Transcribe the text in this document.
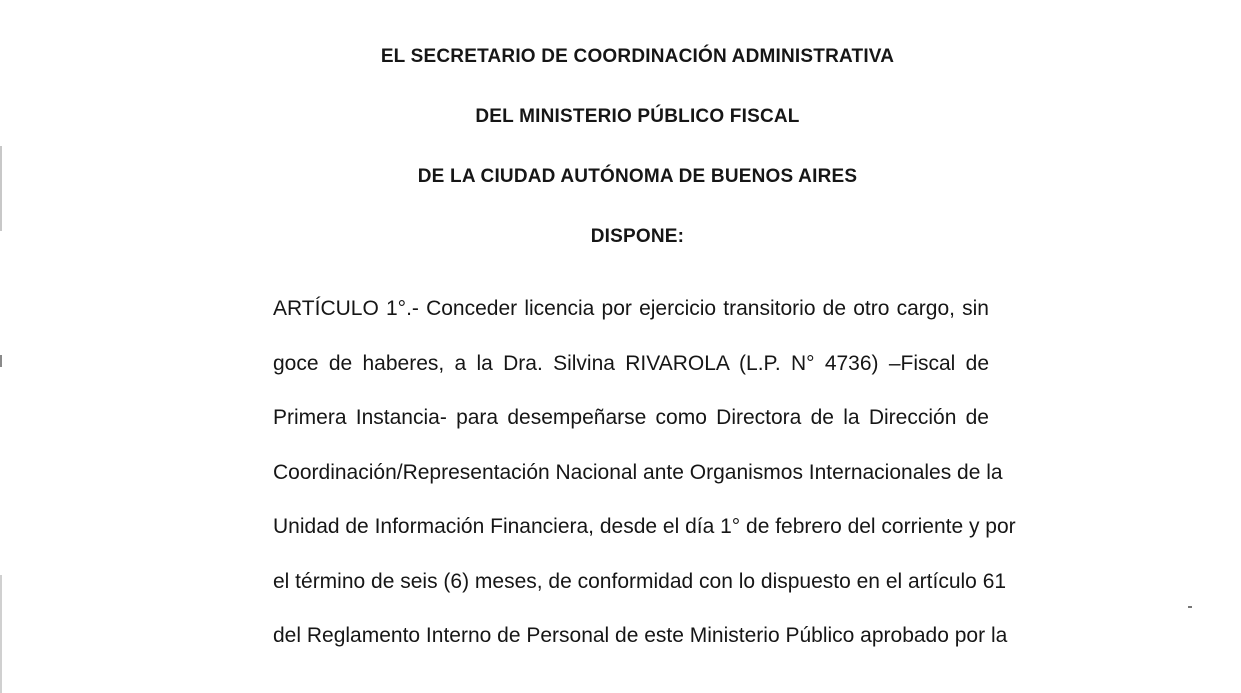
EL SECRETARIO DE COORDINACIÓN ADMINISTRATIVA
DEL MINISTERIO PÚBLICO FISCAL
DE LA CIUDAD AUTÓNOMA DE BUENOS AIRES
DISPONE:
ARTÍCULO 1°.- Conceder licencia por ejercicio transitorio de otro cargo, sin
goce de haberes, a la Dra. Silvina RIVAROLA (L.P. N° 4736) –Fiscal de
Primera Instancia- para desempeñarse como Directora de la Dirección de
Coordinación/Representación Nacional ante Organismos Internacionales de la
Unidad de Información Financiera, desde el día 1° de febrero del corriente y por
el término de seis (6) meses, de conformidad con lo dispuesto en el artículo 61
del Reglamento Interno de Personal de este Ministerio Público aprobado por la
